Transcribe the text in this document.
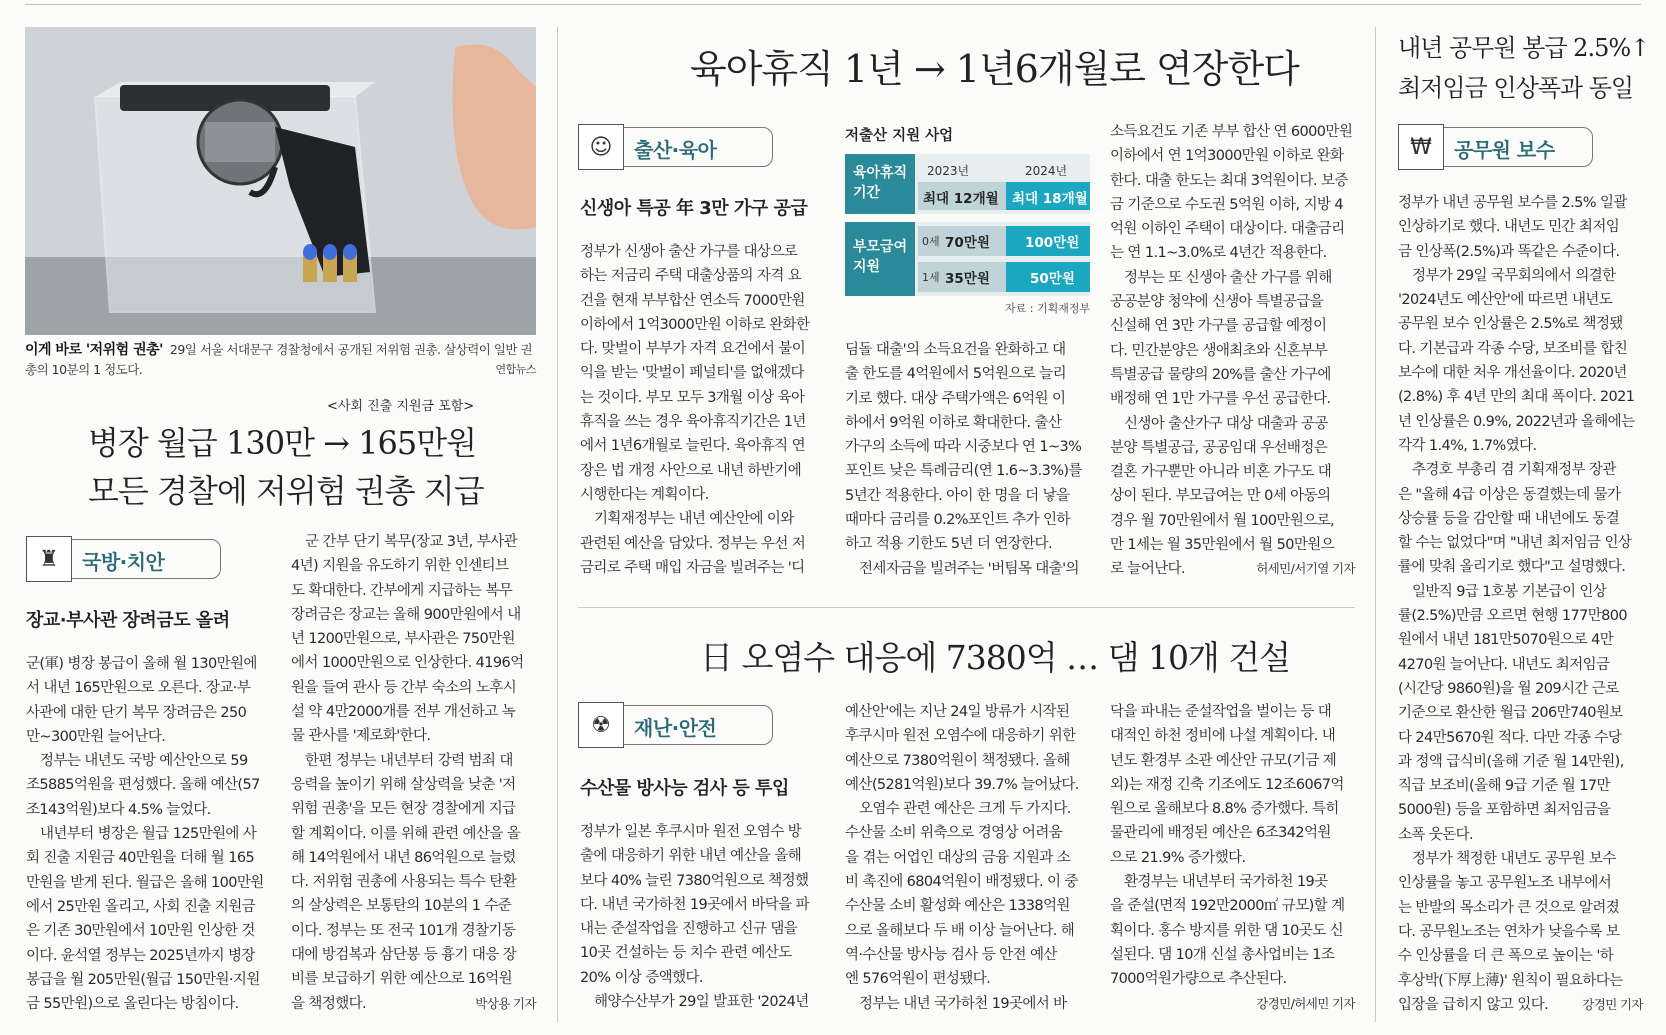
이게 바로 '저위험 권총' 29일 서울 서대문구 경찰청에서 공개된 저위험 권총. 살상력이 일반 권

총의 10분의 1 정도다.	연합뉴스

<사회 진출 지원금 포함>
병장 월급 130만 → 165만원
모든 경찰에 저위험 권총 지급
♜	국방·치안
장교·부사관 장려금도 올려

군(軍) 병장 봉급이 올해 월 130만원에

서 내년 165만원으로 오른다. 장교·부

사관에 대한 단기 복무 장려금은 250

만~300만원 늘어난다.

정부는 내년도 국방 예산안으로 59

조5885억원을 편성했다. 올해 예산(57

조143억원)보다 4.5% 늘었다.

내년부터 병장은 월급 125만원에 사

회 진출 지원금 40만원을 더해 월 165

만원을 받게 된다. 월급은 올해 100만원

에서 25만원 올리고, 사회 진출 지원금

은 기존 30만원에서 10만원 인상한 것

이다. 윤석열 정부는 2025년까지 병장

봉급을 월 205만원(월급 150만원·지원

금 55만원)으로 올린다는 방침이다.

군 간부 단기 복무(장교 3년, 부사관

4년) 지원을 유도하기 위한 인센티브

도 확대한다. 간부에게 지급하는 복무

장려금은 장교는 올해 900만원에서 내

년 1200만원으로, 부사관은 750만원

에서 1000만원으로 인상한다. 4196억

원을 들여 관사 등 간부 숙소의 노후시

설 약 4만2000개를 전부 개선하고 녹

물 관사를 '제로화'한다.

한편 정부는 내년부터 강력 범죄 대

응력을 높이기 위해 살상력을 낮춘 '저

위험 권총'을 모든 현장 경찰에게 지급

할 계획이다. 이를 위해 관련 예산을 올

해 14억원에서 내년 86억원으로 늘렸

다. 저위험 권총에 사용되는 특수 탄환

의 살상력은 보통탄의 10분의 1 수준

이다. 정부는 또 전국 101개 경찰기동

대에 방검복과 삼단봉 등 흉기 대응 장

비를 보급하기 위한 예산으로 16억원

을 책정했다.	박상용 기자

육아휴직 1년 → 1년6개월로 연장한다
☺	출산·육아
신생아 특공 年 3만 가구 공급

정부가 신생아 출산 가구를 대상으로

하는 저금리 주택 대출상품의 자격 요

건을 현재 부부합산 연소득 7000만원

이하에서 1억3000만원 이하로 완화한

다. 맞벌이 부부가 자격 요건에서 불이

익을 받는 '맞벌이 페널티'를 없애겠다

는 것이다. 부모 모두 3개월 이상 육아

휴직을 쓰는 경우 육아휴직기간은 1년

에서 1년6개월로 늘린다. 육아휴직 연

장은 법 개정 사안으로 내년 하반기에

시행한다는 계획이다.

기획재정부는 내년 예산안에 이와

관련된 예산을 담았다. 정부는 우선 저

금리로 주택 매입 자금을 빌려주는 '디

저출산 지원 사업
육아휴직
기간
2023년	2024년
최대 12개월 최대 18개월
부모급여
지원
0세 70만원	100만원
1세 35만원	50만원
자료 : 기획재정부

딤돌 대출'의 소득요건을 완화하고 대

출 한도를 4억원에서 5억원으로 늘리

기로 했다. 대상 주택가액은 6억원 이

하에서 9억원 이하로 확대한다. 출산

가구의 소득에 따라 시중보다 연 1~3%

포인트 낮은 특례금리(연 1.6~3.3%)를

5년간 적용한다. 아이 한 명을 더 낳을

때마다 금리를 0.2%포인트 추가 인하

하고 적용 기한도 5년 더 연장한다.

전세자금을 빌려주는 '버팀목 대출'의

소득요건도 기존 부부 합산 연 6000만원

이하에서 연 1억3000만원 이하로 완화

한다. 대출 한도는 최대 3억원이다. 보증

금 기준으로 수도권 5억원 이하, 지방 4

억원 이하인 주택이 대상이다. 대출금리

는 연 1.1~3.0%로 4년간 적용한다.

정부는 또 신생아 출산 가구를 위해

공공분양 청약에 신생아 특별공급을

신설해 연 3만 가구를 공급할 예정이

다. 민간분양은 생애최초와 신혼부부

특별공급 물량의 20%를 출산 가구에

배정해 연 1만 가구를 우선 공급한다.

신생아 출산가구 대상 대출과 공공

분양 특별공급, 공공임대 우선배정은

결혼 가구뿐만 아니라 비혼 가구도 대

상이 된다. 부모급여는 만 0세 아동의

경우 월 70만원에서 월 100만원으로,

만 1세는 월 35만원에서 월 50만원으

로 늘어난다.	허세민/서기열 기자

日 오염수 대응에 7380억 … 댐 10개 건설
☢	재난·안전
수산물 방사능 검사 등 투입

정부가 일본 후쿠시마 원전 오염수 방

출에 대응하기 위한 내년 예산을 올해

보다 40% 늘린 7380억원으로 책정했

다. 내년 국가하천 19곳에서 바닥을 파

내는 준설작업을 진행하고 신규 댐을

10곳 건설하는 등 치수 관련 예산도

20% 이상 증액했다.

해양수산부가 29일 발표한 '2024년

예산안'에는 지난 24일 방류가 시작된

후쿠시마 원전 오염수에 대응하기 위한

예산으로 7380억원이 책정됐다. 올해

예산(5281억원)보다 39.7% 늘어났다.

오염수 관련 예산은 크게 두 가지다.

수산물 소비 위축으로 경영상 어려움

을 겪는 어업인 대상의 금융 지원과 소

비 촉진에 6804억원이 배정됐다. 이 중

수산물 소비 활성화 예산은 1338억원

으로 올해보다 두 배 이상 늘어난다. 해

역·수산물 방사능 검사 등 안전 예산

엔 576억원이 편성됐다.

정부는 내년 국가하천 19곳에서 바

닥을 파내는 준설작업을 벌이는 등 대

대적인 하천 정비에 나설 계획이다. 내

년도 환경부 소관 예산안 규모(기금 제

외)는 재정 긴축 기조에도 12조6067억

원으로 올해보다 8.8% 증가했다. 특히

물관리에 배정된 예산은 6조342억원

으로 21.9% 증가했다.

환경부는 내년부터 국가하천 19곳

을 준설(면적 192만2000㎡ 규모)할 계

획이다. 홍수 방지를 위한 댐 10곳도 신

설된다. 댐 10개 신설 총사업비는 1조

7000억원가량으로 추산된다.

강경민/허세민 기자
내년 공무원 봉급 2.5%↑
최저임금 인상폭과 동일
₩	공무원 보수

정부가 내년 공무원 보수를 2.5% 일괄

인상하기로 했다. 내년도 민간 최저임

금 인상폭(2.5%)과 똑같은 수준이다.

정부가 29일 국무회의에서 의결한

'2024년도 예산안'에 따르면 내년도

공무원 보수 인상률은 2.5%로 책정됐

다. 기본급과 각종 수당, 보조비를 합친

보수에 대한 처우 개선율이다. 2020년

(2.8%) 후 4년 만의 최대 폭이다. 2021

년 인상률은 0.9%, 2022년과 올해에는

각각 1.4%, 1.7%였다.

추경호 부총리 겸 기획재정부 장관

은 "올해 4급 이상은 동결했는데 물가

상승률 등을 감안할 때 내년에도 동결

할 수는 없었다"며 "내년 최저임금 인상

률에 맞춰 올리기로 했다"고 설명했다.

일반직 9급 1호봉 기본급이 인상

률(2.5%)만큼 오르면 현행 177만800

원에서 내년 181만5070원으로 4만

4270원 늘어난다. 내년도 최저임금

(시간당 9860원)을 월 209시간 근로

기준으로 환산한 월급 206만740원보

다 24만5670원 적다. 다만 각종 수당

과 정액 급식비(올해 기준 월 14만원),

직급 보조비(올해 9급 기준 월 17만

5000원) 등을 포함하면 최저임금을

소폭 웃돈다.

정부가 책정한 내년도 공무원 보수

인상률을 놓고 공무원노조 내부에서

는 반발의 목소리가 큰 것으로 알려졌

다. 공무원노조는 연차가 낮을수록 보

수 인상률을 더 큰 폭으로 높이는 '하

후상박(下厚上薄)' 원칙이 필요하다는

입장을 급히지 않고 있다.	강경민 기자
